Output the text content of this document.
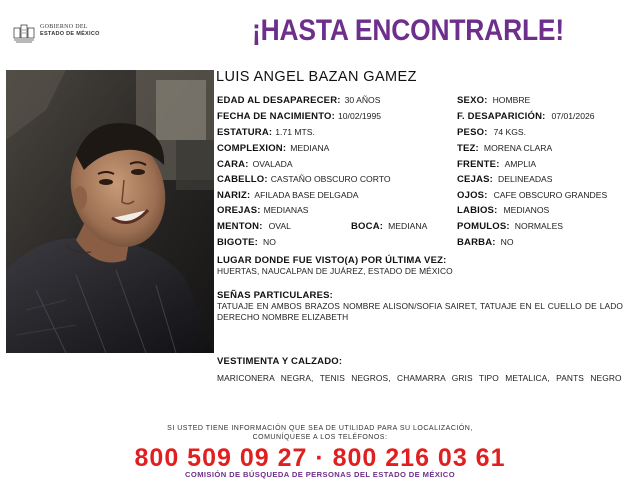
GOBIERNO DEL
ESTADO DE MÉXICO	¡HASTA ENCONTRARLE!
LUIS ANGEL BAZAN GAMEZ
EDAD AL DESAPARECER: 30 AÑOS
FECHA DE NACIMIENTO: 10/02/1995
ESTATURA: 1.71 MTS.
COMPLEXION: MEDIANA
CARA: OVALADA
CABELLO: CASTAÑO OBSCURO CORTO
NARIZ: AFILADA BASE DELGADA
OREJAS: MEDIANAS
MENTON: OVAL
BIGOTE: NO
BOCA: MEDIANA
SEXO: HOMBRE
F. DESAPARICIÓN: 07/01/2026
PESO: 74 KGS.
TEZ: MORENA CLARA
FRENTE: AMPLIA
CEJAS: DELINEADAS
OJOS: CAFE OBSCURO GRANDES
LABIOS: MEDIANOS
POMULOS: NORMALES
BARBA: NO
LUGAR DONDE FUE VISTO(A) POR ÚLTIMA VEZ:
HUERTAS, NAUCALPAN DE JUÁREZ, ESTADO DE MÉXICO
SEÑAS PARTICULARES:
TATUAJE EN AMBOS BRAZOS NOMBRE ALISON/SOFIA SAIRET, TATUAJE EN EL CUELLO DE LADO DERECHO NOMBRE ELIZABETH
VESTIMENTA Y CALZADO:
MARICONERA NEGRA, TENIS NEGROS, CHAMARRA GRIS TIPO METALICA, PANTS NEGRO
SI USTED TIENE INFORMACIÓN QUE SEA DE UTILIDAD PARA SU LOCALIZACIÓN,
COMUNÍQUESE A LOS TELÉFONOS:
800 509 09 27 · 800 216 03 61
COMISIÓN DE BÚSQUEDA DE PERSONAS DEL ESTADO DE MÉXICO
